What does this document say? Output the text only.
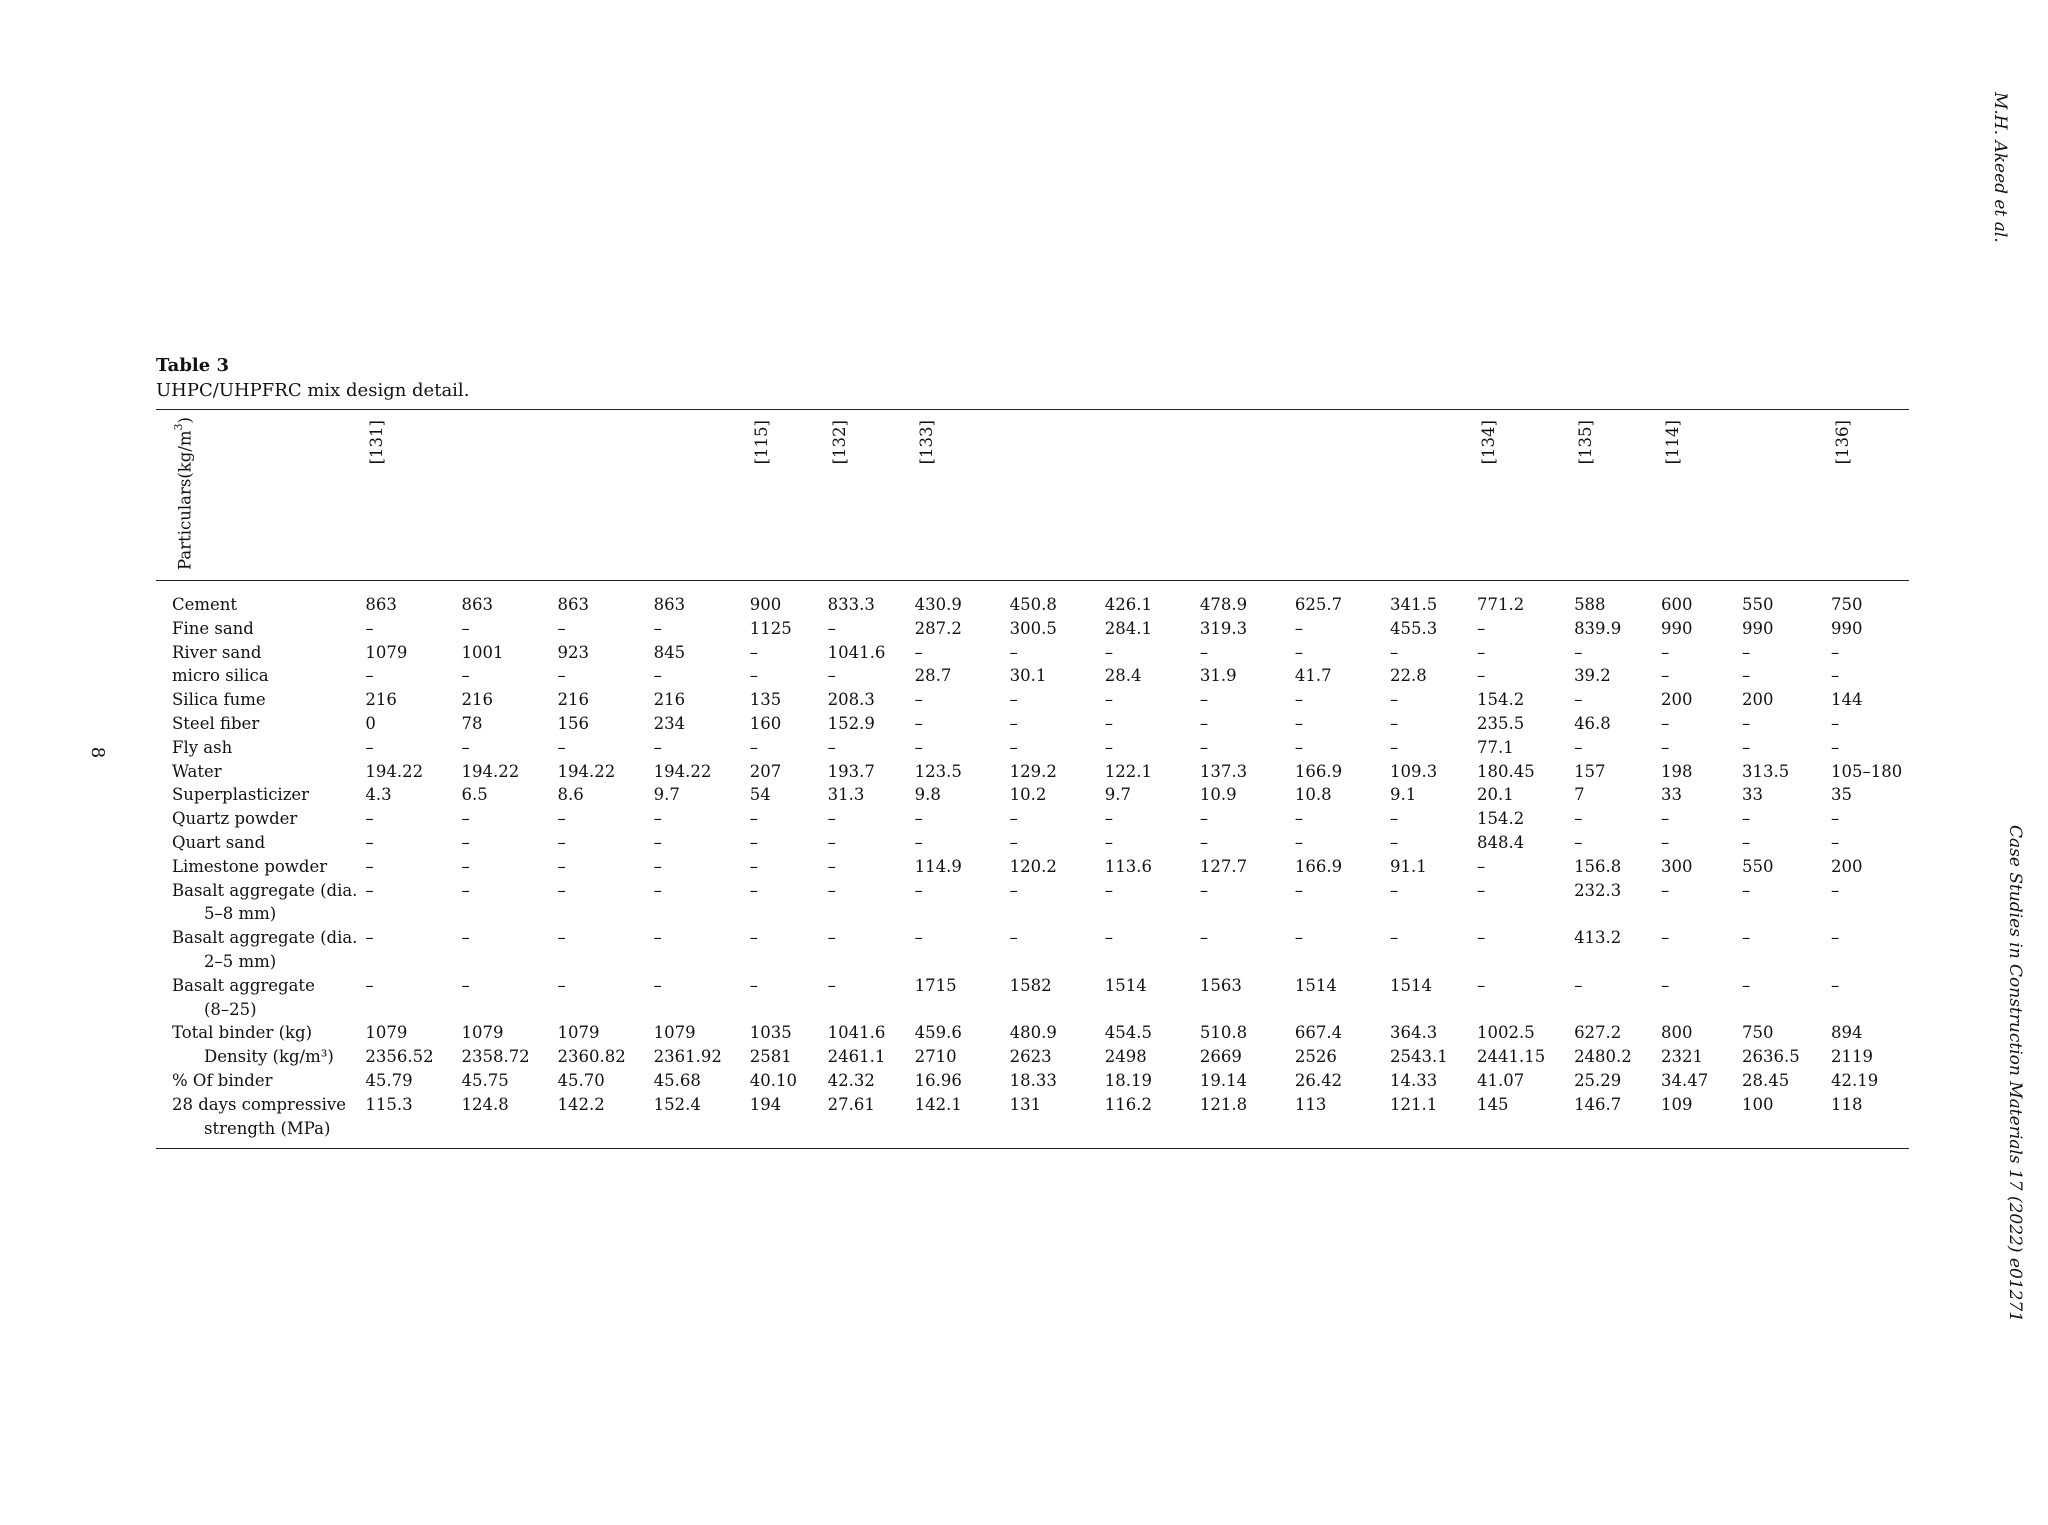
8
M.H. Akeed et al.
Case Studies in Construction Materials 17 (2022) e01271
Table 3
UHPC/UHPFRC mix design detail.
$Particulars(kg/m^3)$	[131]				[115]	[132]	[133]						[134]	[135]	[114]		[136]

Cement	863	863	863	863	900	833.3	430.9	450.8	426.1	478.9	625.7	341.5	771.2	588	600	550	750
Fine sand	–	–	–	–	1125	–	287.2	300.5	284.1	319.3	–	455.3	–	839.9	990	990	990
River sand	1079	1001	923	845	–	1041.6	–	–	–	–	–	–	–	–	–	–	–
micro silica	–	–	–	–	–	–	28.7	30.1	28.4	31.9	41.7	22.8	–	39.2	–	–	–
Silica fume	216	216	216	216	135	208.3	–	–	–	–	–	–	154.2	–	200	200	144
Steel fiber	0	78	156	234	160	152.9	–	–	–	–	–	–	235.5	46.8	–	–	–
Fly ash	–	–	–	–	–	–	–	–	–	–	–	–	77.1	–	–	–	–
Water	194.22	194.22	194.22	194.22	207	193.7	123.5	129.2	122.1	137.3	166.9	109.3	180.45	157	198	313.5	105–180
Superplasticizer	4.3	6.5	8.6	9.7	54	31.3	9.8	10.2	9.7	10.9	10.8	9.1	20.1	7	33	33	35
Quartz powder	–	–	–	–	–	–	–	–	–	–	–	–	154.2	–	–	–	–
Quart sand	–	–	–	–	–	–	–	–	–	–	–	–	848.4	–	–	–	–
Limestone powder	–	–	–	–	–	–	114.9	120.2	113.6	127.7	166.9	91.1	–	156.8	300	550	200
Basalt aggregate (dia.
5–8 mm)	–	–	–	–	–	–	–	–	–	–	–	–	–	232.3	–	–	–
Basalt aggregate (dia.
2–5 mm)	–	–	–	–	–	–	–	–	–	–	–	–	–	413.2	–	–	–
Basalt aggregate
(8–25)	–	–	–	–	–	–	1715	1582	1514	1563	1514	1514	–	–	–	–	–
Total binder (kg)	1079	1079	1079	1079	1035	1041.6	459.6	480.9	454.5	510.8	667.4	364.3	1002.5	627.2	800	750	894

Density (kg/m³)	2356.52	2358.72	2360.82	2361.92	2581	2461.1	2710	2623	2498	2669	2526	2543.1	2441.15	2480.2	2321	2636.5	2119
% Of binder	45.79	45.75	45.70	45.68	40.10	42.32	16.96	18.33	18.19	19.14	26.42	14.33	41.07	25.29	34.47	28.45	42.19
28 days compressive
strength (MPa)	115.3	124.8	142.2	152.4	194	27.61	142.1	131	116.2	121.8	113	121.1	145	146.7	109	100	118
